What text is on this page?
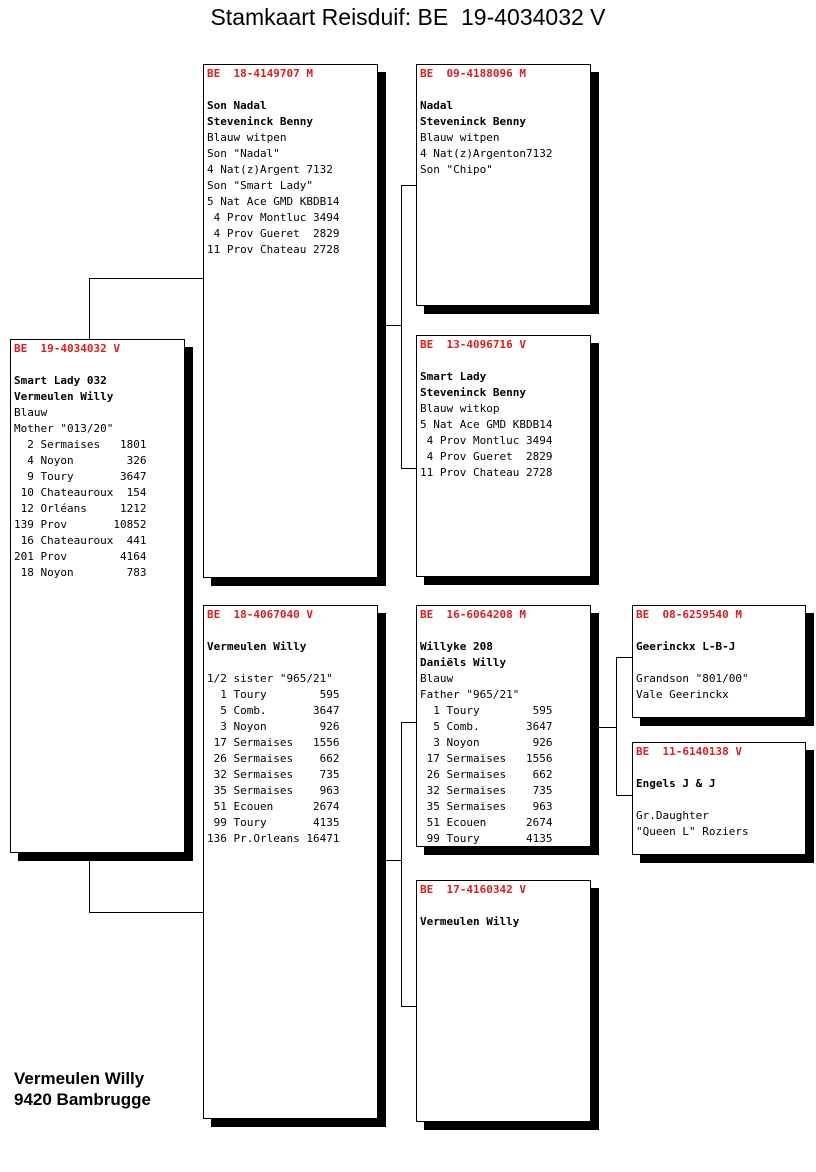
Stamkaart Reisduif: BE  19-4034032 V
BE  19-4034032 V
Smart Lady 032
Vermeulen Willy
Blauw
Mother "013/20"
2 Sermaises   1801
4 Noyon        326
9 Toury       3647
10 Chateauroux  154
12 Orléans     1212
139 Prov       10852
16 Chateauroux  441
201 Prov        4164
18 Noyon        783
BE  18-4149707 M
Son Nadal
Steveninck Benny
Blauw witpen
Son "Nadal"
4 Nat(z)Argent 7132
Son "Smart Lady"
5 Nat Ace GMD KBDB14
4 Prov Montluc 3494
4 Prov Gueret  2829
11 Prov Chateau 2728
BE  18-4067040 V
Vermeulen Willy
1/2 sister "965/21"
1 Toury        595
5 Comb.       3647
3 Noyon        926
17 Sermaises   1556
26 Sermaises    662
32 Sermaises    735
35 Sermaises    963
51 Ecouen      2674
99 Toury       4135
136 Pr.Orleans 16471
BE  09-4188096 M
Nadal
Steveninck Benny
Blauw witpen
4 Nat(z)Argenton7132
Son "Chipo"
BE  13-4096716 V
Smart Lady
Steveninck Benny
Blauw witkop
5 Nat Ace GMD KBDB14
4 Prov Montluc 3494
4 Prov Gueret  2829
11 Prov Chateau 2728
BE  16-6064208 M
Willyke 208
Daniëls Willy
Blauw
Father "965/21"
1 Toury        595
5 Comb.       3647
3 Noyon        926
17 Sermaises   1556
26 Sermaises    662
32 Sermaises    735
35 Sermaises    963
51 Ecouen      2674
99 Toury       4135
BE  17-4160342 V
Vermeulen Willy
BE  08-6259540 M
Geerinckx L-B-J
Grandson "801/00"
Vale Geerinckx
BE  11-6140138 V
Engels J & J
Gr.Daughter
"Queen L" Roziers
Vermeulen Willy
9420 Bambrugge
